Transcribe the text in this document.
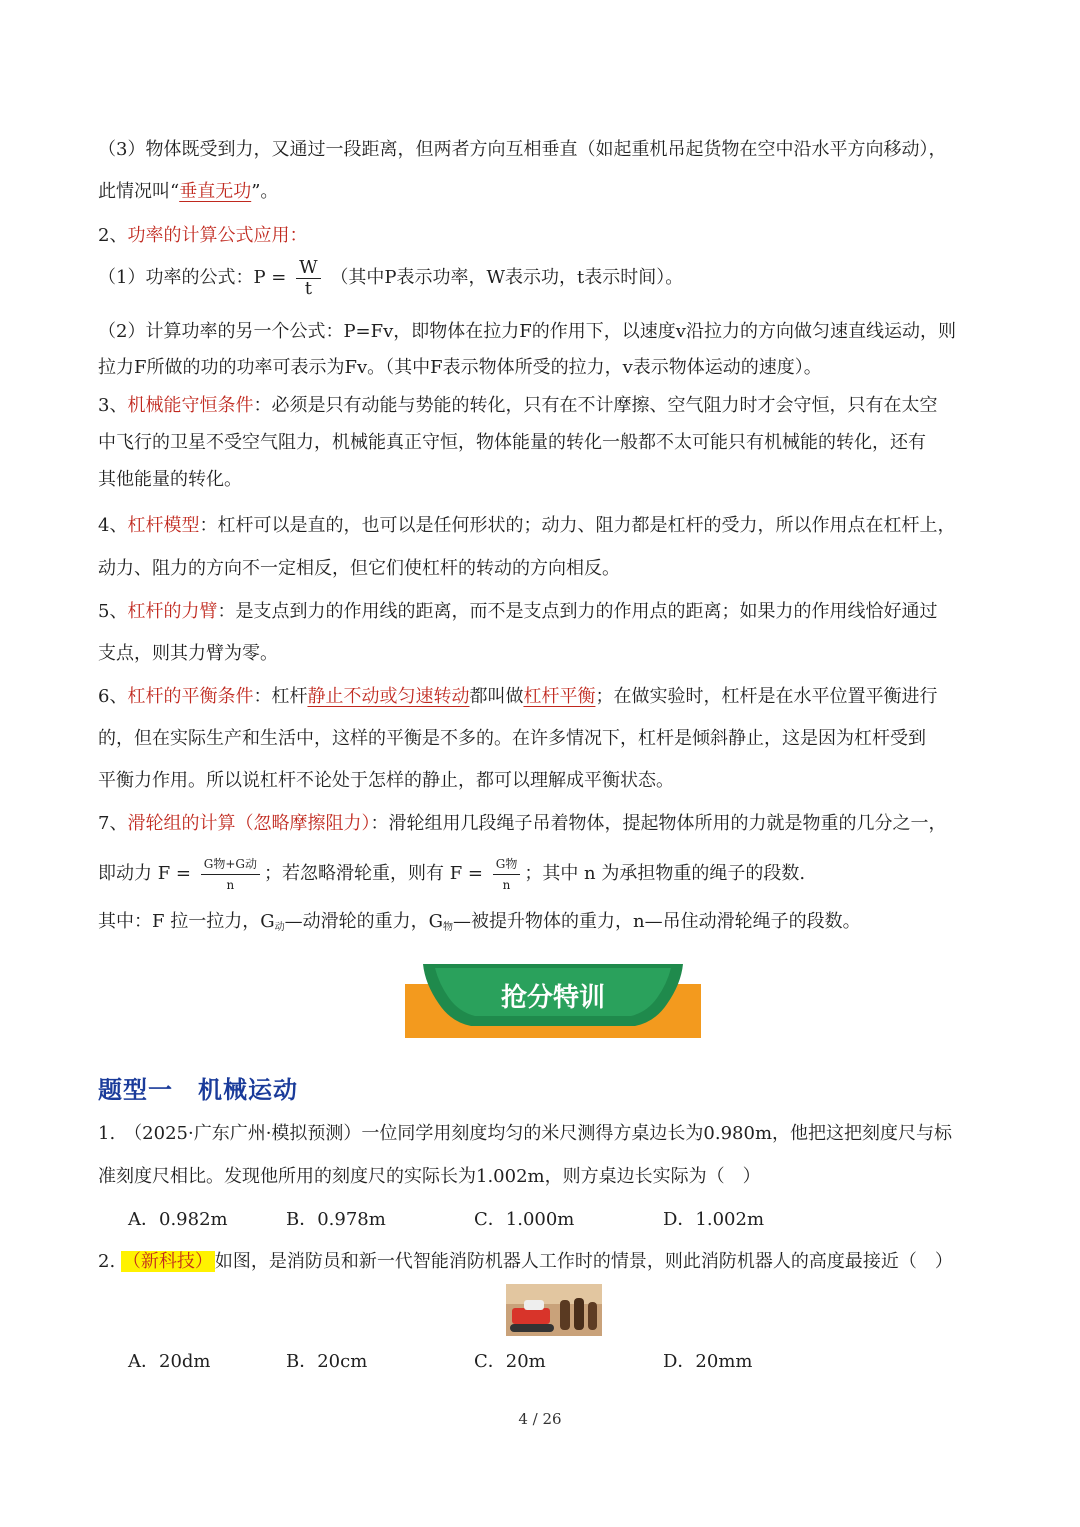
（3）物体既受到力，又通过一段距离，但两者方向互相垂直（如起重机吊起货物在空中沿水平方向移动），
此情况叫“垂直无功”。
2、功率的计算公式应用：
（1）功率的公式：$P = \frac{W}{t}$ （其中P表示功率，W表示功，t表示时间）。
（2）计算功率的另一个公式：P=Fv，即物体在拉力F的作用下，以速度v沿拉力的方向做匀速直线运动，则
拉力F所做的功的功率可表示为Fv。（其中F表示物体所受的拉力，v表示物体运动的速度）。
3、机械能守恒条件：必须是只有动能与势能的转化，只有在不计摩擦、空气阻力时才会守恒，只有在太空
中飞行的卫星不受空气阻力，机械能真正守恒，物体能量的转化一般都不太可能只有机械能的转化，还有
其他能量的转化。
4、杠杆模型：杠杆可以是直的，也可以是任何形状的；动力、阻力都是杠杆的受力，所以作用点在杠杆上，
动力、阻力的方向不一定相反，但它们使杠杆的转动的方向相反。
5、杠杆的力臂：是支点到力的作用线的距离，而不是支点到力的作用点的距离；如果力的作用线恰好通过
支点，则其力臂为零。
6、杠杆的平衡条件：杠杆静止不动或匀速转动都叫做杠杆平衡；在做实验时，杠杆是在水平位置平衡进行
的，但在实际生产和生活中，这样的平衡是不多的。在许多情况下，杠杆是倾斜静止，这是因为杠杆受到
平衡力作用。所以说杠杆不论处于怎样的静止，都可以理解成平衡状态。
7、滑轮组的计算（忽略摩擦阻力）：滑轮组用几段绳子吊着物体，提起物体所用的力就是物重的几分之一，
即动力 $F = \frac{\text{G物+G动}}{n}$ ；若忽略滑轮重，则有 $F = \frac{\text{G物}}{n}$ ；其中 n 为承担物重的绳子的段数.
其中：F 拉一拉力，$G_动—$动滑轮的重力，$G_物—$被提升物体的重力，n—吊住动滑轮绳子的段数。
抢分特训
题型一　机械运动
1.　（2025·广东广州·模拟预测）一位同学用刻度均匀的米尺测得方桌边长为0.980m，他把这把刻度尺与标
准刻度尺相比。发现他所用的刻度尺的实际长为1.002m，则方桌边长实际为（　）
A．0.982m	B．0.978m	C．1.000m	D．1.002m
2. （新科技） 如图，是消防员和新一代智能消防机器人工作时的情景，则此消防机器人的高度最接近（　）
A．20dm	B．20cm	C．20m	D．20mm
4 / 26
